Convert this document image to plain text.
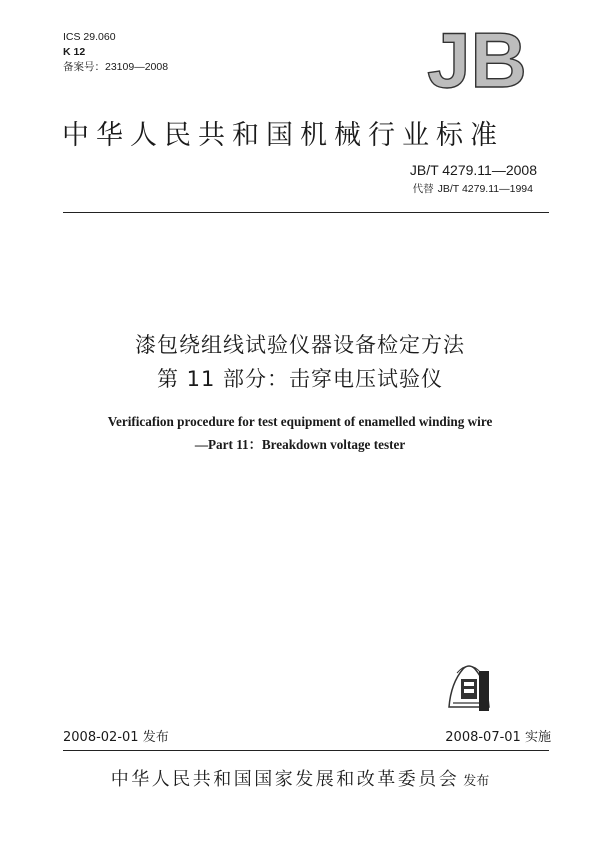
ICS 29.060
K 12
备案号：23109—2008	JB
中华人民共和国机械行业标准
JB/T 4279.11—2008
代替 JB/T 4279.11—1994
漆包绕组线试验仪器设备检定方法
第 11 部分：击穿电压试验仪
Verificafion procedure for test equipment of enamelled winding wire
—Part 11：Breakdown voltage tester
2008-02-01 发布	2008-07-01 实施
中华人民共和国国家发展和改革委员会 发布
